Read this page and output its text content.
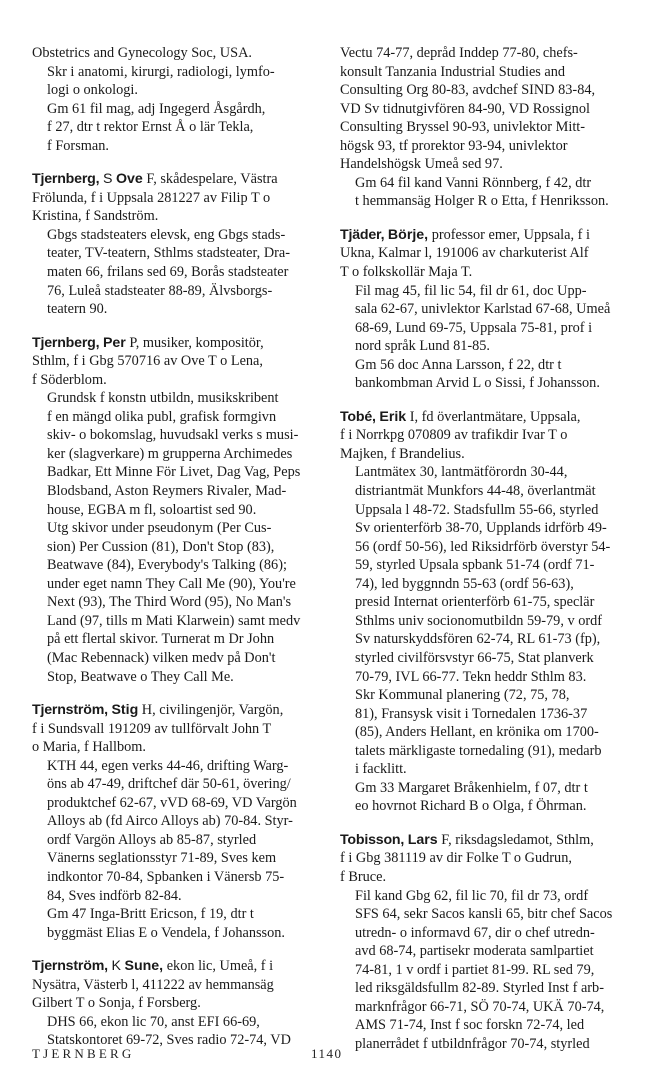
Obstetrics and Gynecology Soc, USA.

Skr i anatomi, kirurgi, radiologi, lymfo-
logi o onkologi.

Gm 61 fil mag, adj Ingegerd Åsgårdh,
f 27, dtr t rektor Ernst Å o lär Tekla,
f Forsman.

Tjernberg, S Ove F, skådespelare, Västra
Frölunda, f i Uppsala 281227 av Filip T o
Kristina, f Sandström.

Gbgs stadsteaters elevsk, eng Gbgs stads-
teater, TV-teatern, Sthlms stadsteater, Dra-
maten 66, frilans sed 69, Borås stadsteater
76, Luleå stadsteater 88-89, Älvsborgs-
teatern 90.

Tjernberg, Per P, musiker, kompositör,
Sthlm, f i Gbg 570716 av Ove T o Lena,
f Söderblom.

Grundsk f konstn utbildn, musikskribent
f en mängd olika publ, grafisk formgivn
skiv- o bokomslag, huvudsakl verks s musi-
ker (slagverkare) m grupperna Archimedes
Badkar, Ett Minne För Livet, Dag Vag, Peps
Blodsband, Aston Reymers Rivaler, Mad-
house, EGBA m fl, soloartist sed 90.

Utg skivor under pseudonym (Per Cus-
sion) Per Cussion (81), Don't Stop (83),
Beatwave (84), Everybody's Talking (86);
under eget namn They Call Me (90), You're
Next (93), The Third Word (95), No Man's
Land (97, tills m Mati Klarwein) samt medv
på ett flertal skivor. Turnerat m Dr John
(Mac Rebennack) vilken medv på Don't
Stop, Beatwave o They Call Me.

Tjernström, Stig H, civilingenjör, Vargön,
f i Sundsvall 191209 av tullförvalt John T
o Maria, f Hallbom.

KTH 44, egen verks 44-46, drifting Warg-
öns ab 47-49, driftchef där 50-61, övering/
produktchef 62-67, vVD 68-69, VD Vargön
Alloys ab (fd Airco Alloys ab) 70-84. Styr-
ordf Vargön Alloys ab 85-87, styrled
Vänerns seglationsstyr 71-89, Sves kem
indkontor 70-84, Spbanken i Vänersb 75-
84, Sves indförb 82-84.

Gm 47 Inga-Britt Ericson, f 19, dtr t
byggmäst Elias E o Vendela, f Johansson.

Tjernström, K Sune, ekon lic, Umeå, f i
Nysätra, Västerb l, 411222 av hemmansäg
Gilbert T o Sonja, f Forsberg.

DHS 66, ekon lic 70, anst EFI 66-69,
Statskontoret 69-72, Sves radio 72-74, VD

Vectu 74-77, depråd Inddep 77-80, chefs-
konsult Tanzania Industrial Studies and
Consulting Org 80-83, avdchef SIND 83-84,
VD Sv tidnutgivfören 84-90, VD Rossignol
Consulting Bryssel 90-93, univlektor Mitt-
högsk 93, tf prorektor 93-94, univlektor
Handelshögsk Umeå sed 97.

Gm 64 fil kand Vanni Rönnberg, f 42, dtr
t hemmansäg Holger R o Etta, f Henriksson.

Tjäder, Börje, professor emer, Uppsala, f i
Ukna, Kalmar l, 191006 av charkuterist Alf
T o folkskollär Maja T.

Fil mag 45, fil lic 54, fil dr 61, doc Upp-
sala 62-67, univlektor Karlstad 67-68, Umeå
68-69, Lund 69-75, Uppsala 75-81, prof i
nord språk Lund 81-85.

Gm 56 doc Anna Larsson, f 22, dtr t
bankombman Arvid L o Sissi, f Johansson.

Tobé, Erik I, fd överlantmätare, Uppsala,
f i Norrkpg 070809 av trafikdir Ivar T o
Majken, f Brandelius.

Lantmätex 30, lantmätförordn 30-44,
distriantmät Munkfors 44-48, överlantmät
Uppsala l 48-72. Stadsfullm 55-66, styrled
Sv orienterförb 38-70, Upplands idrförb 49-
56 (ordf 50-56), led Riksidrförb överstyr 54-
59, styrled Upsala spbank 51-74 (ordf 71-
74), led byggnndn 55-63 (ordf 56-63),
presid Internat orienterförb 61-75, speclär
Sthlms univ socionomutbildn 59-79, v ordf
Sv naturskyddsfören 62-74, RL 61-73 (fp),
styrled civilförsvstyr 66-75, Stat planverk
70-79, IVL 66-77. Tekn heddr Sthlm 83.

Skr Kommunal planering (72, 75, 78,
81), Fransysk visit i Tornedalen 1736-37
(85), Anders Hellant, en krönika om 1700-
talets märkligaste tornedaling (91), medarb
i facklitt.

Gm 33 Margaret Bråkenhielm, f 07, dtr t
eo hovrnot Richard B o Olga, f Öhrman.

Tobisson, Lars F, riksdagsledamot, Sthlm,
f i Gbg 381119 av dir Folke T o Gudrun,
f Bruce.

Fil kand Gbg 62, fil lic 70, fil dr 73, ordf
SFS 64, sekr Sacos kansli 65, bitr chef Sacos
utredn- o informavd 67, dir o chef utredn-
avd 68-74, partisekr moderata samlpartiet
74-81, 1 v ordf i partiet 81-99. RL sed 79,
led riksgäldsfullm 82-89. Styrled Inst f arb-
marknfrågor 66-71, SÖ 70-74, UKÄ 70-74,
AMS 71-74, Inst f soc forskn 72-74, led
planerrådet f utbildnfrågor 70-74, styrled

TJERNBERG	1140
